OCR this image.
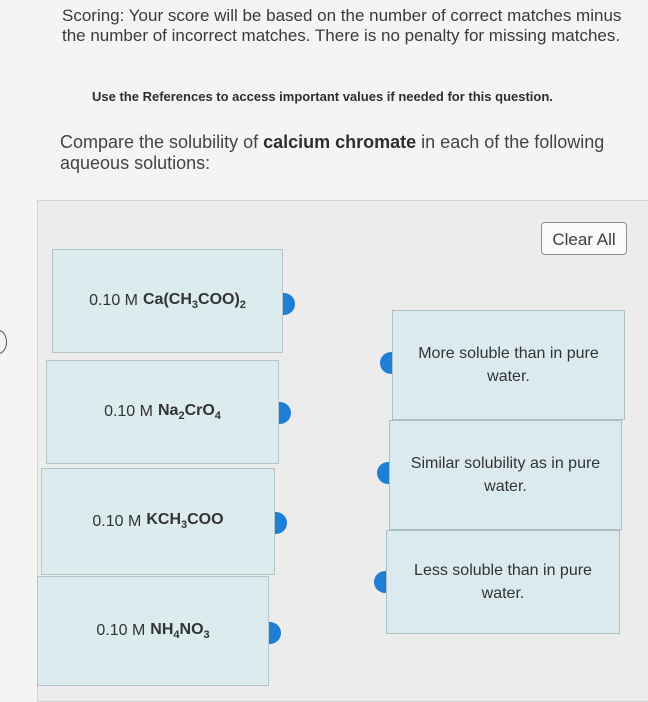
Scoring: Your score will be based on the number of correct matches minus the number of incorrect matches. There is no penalty for missing matches.
Use the References to access important values if needed for this question.
Compare the solubility of calcium chromate in each of the following aqueous solutions:
Clear All
0.10 M $Ca(CH_3COO)_2$
0.10 M $Na_2CrO_4$
0.10 M $KCH_3COO$
0.10 M $NH_4NO_3$
More soluble than in pure water.
Similar solubility as in pure water.
Less soluble than in pure water.
